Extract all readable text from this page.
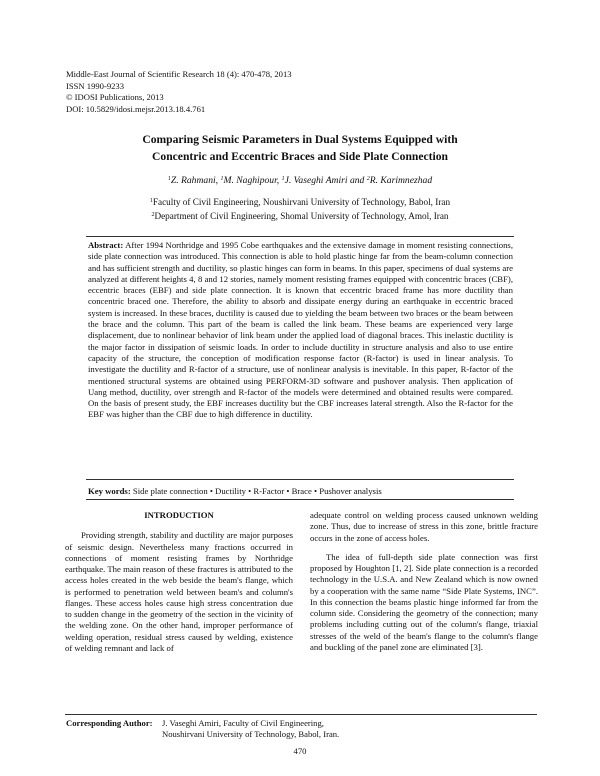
Middle-East Journal of Scientific Research 18 (4): 470-478, 2013
ISSN 1990-9233
© IDOSI Publications, 2013
DOI: 10.5829/idosi.mejsr.2013.18.4.761
Comparing Seismic Parameters in Dual Systems Equipped with
Concentric and Eccentric Braces and Side Plate Connection
$^1$Z. Rahmani, $^1$M. Naghipour, $^1$J. Vaseghi Amiri and $^2$R. Karimnezhad
$^1$Faculty of Civil Engineering, Noushirvani University of Technology, Babol, Iran
$^2$Department of Civil Engineering, Shomal University of Technology, Amol, Iran
Abstract: After 1994 Northridge and 1995 Cobe earthquakes and the extensive damage in moment resisting connections, side plate connection was introduced. This connection is able to hold plastic hinge far from the beam-column connection and has sufficient strength and ductility, so plastic hinges can form in beams. In this paper, specimens of dual systems are analyzed at different heights 4, 8 and 12 stories, namely moment resisting frames equipped with concentric braces (CBF), eccentric braces (EBF) and side plate connection. It is known that eccentric braced frame has more ductility than concentric braced one. Therefore, the ability to absorb and dissipate energy during an earthquake in eccentric braced system is increased. In these braces, ductility is caused due to yielding the beam between two braces or the beam between the brace and the column. This part of the beam is called the link beam. These beams are experienced very large displacement, due to nonlinear behavior of link beam under the applied load of diagonal braces. This inelastic ductility is the major factor in dissipation of seismic loads. In order to include ductility in structure analysis and also to use entire capacity of the structure, the conception of modification response factor (R-factor) is used in linear analysis. To investigate the ductility and R-factor of a structure, use of nonlinear analysis is inevitable. In this paper, R-factor of the mentioned structural systems are obtained using PERFORM-3D software and pushover analysis. Then application of Uang method, ductility, over strength and R-factor of the models were determined and obtained results were compared. On the basis of present study, the EBF increases ductility but the CBF increases lateral strength. Also the R-factor for the EBF was higher than the CBF due to high difference in ductility.
Key words: Side plate connection • Ductility • R-Factor • Brace • Pushover analysis

INTRODUCTION

Providing strength, stability and ductility are major purposes of seismic design. Nevertheless many fractions occurred in connections of moment resisting frames by Northridge earthquake. The main reason of these fractures is attributed to the access holes created in the web beside the beam's flange, which is performed to penetration weld between beam's and column's flanges. These access holes cause high stress concentration due to sudden change in the geometry of the section in the vicinity of the welding zone. On the other hand, improper performance of welding operation, residual stress caused by welding, existence of welding remnant and lack of

adequate control on welding process caused unknown welding zone. Thus, due to increase of stress in this zone, brittle fracture occurs in the zone of access holes.

The idea of full-depth side plate connection was first proposed by Houghton [1, 2]. Side plate connection is a recorded technology in the U.S.A. and New Zealand which is now owned by a cooperation with the same name “Side Plate Systems, INC”. In this connection the beams plastic hinge informed far from the column side. Considering the geometry of the connection; many problems including cutting out of the column's flange, triaxial stresses of the weld of the beam's flange to the column's flange and buckling of the panel zone are eliminated [3].

Corresponding Author: J. Vaseghi Amiri, Faculty of Civil Engineering,
Noushirvani University of Technology, Babol, Iran.
470
